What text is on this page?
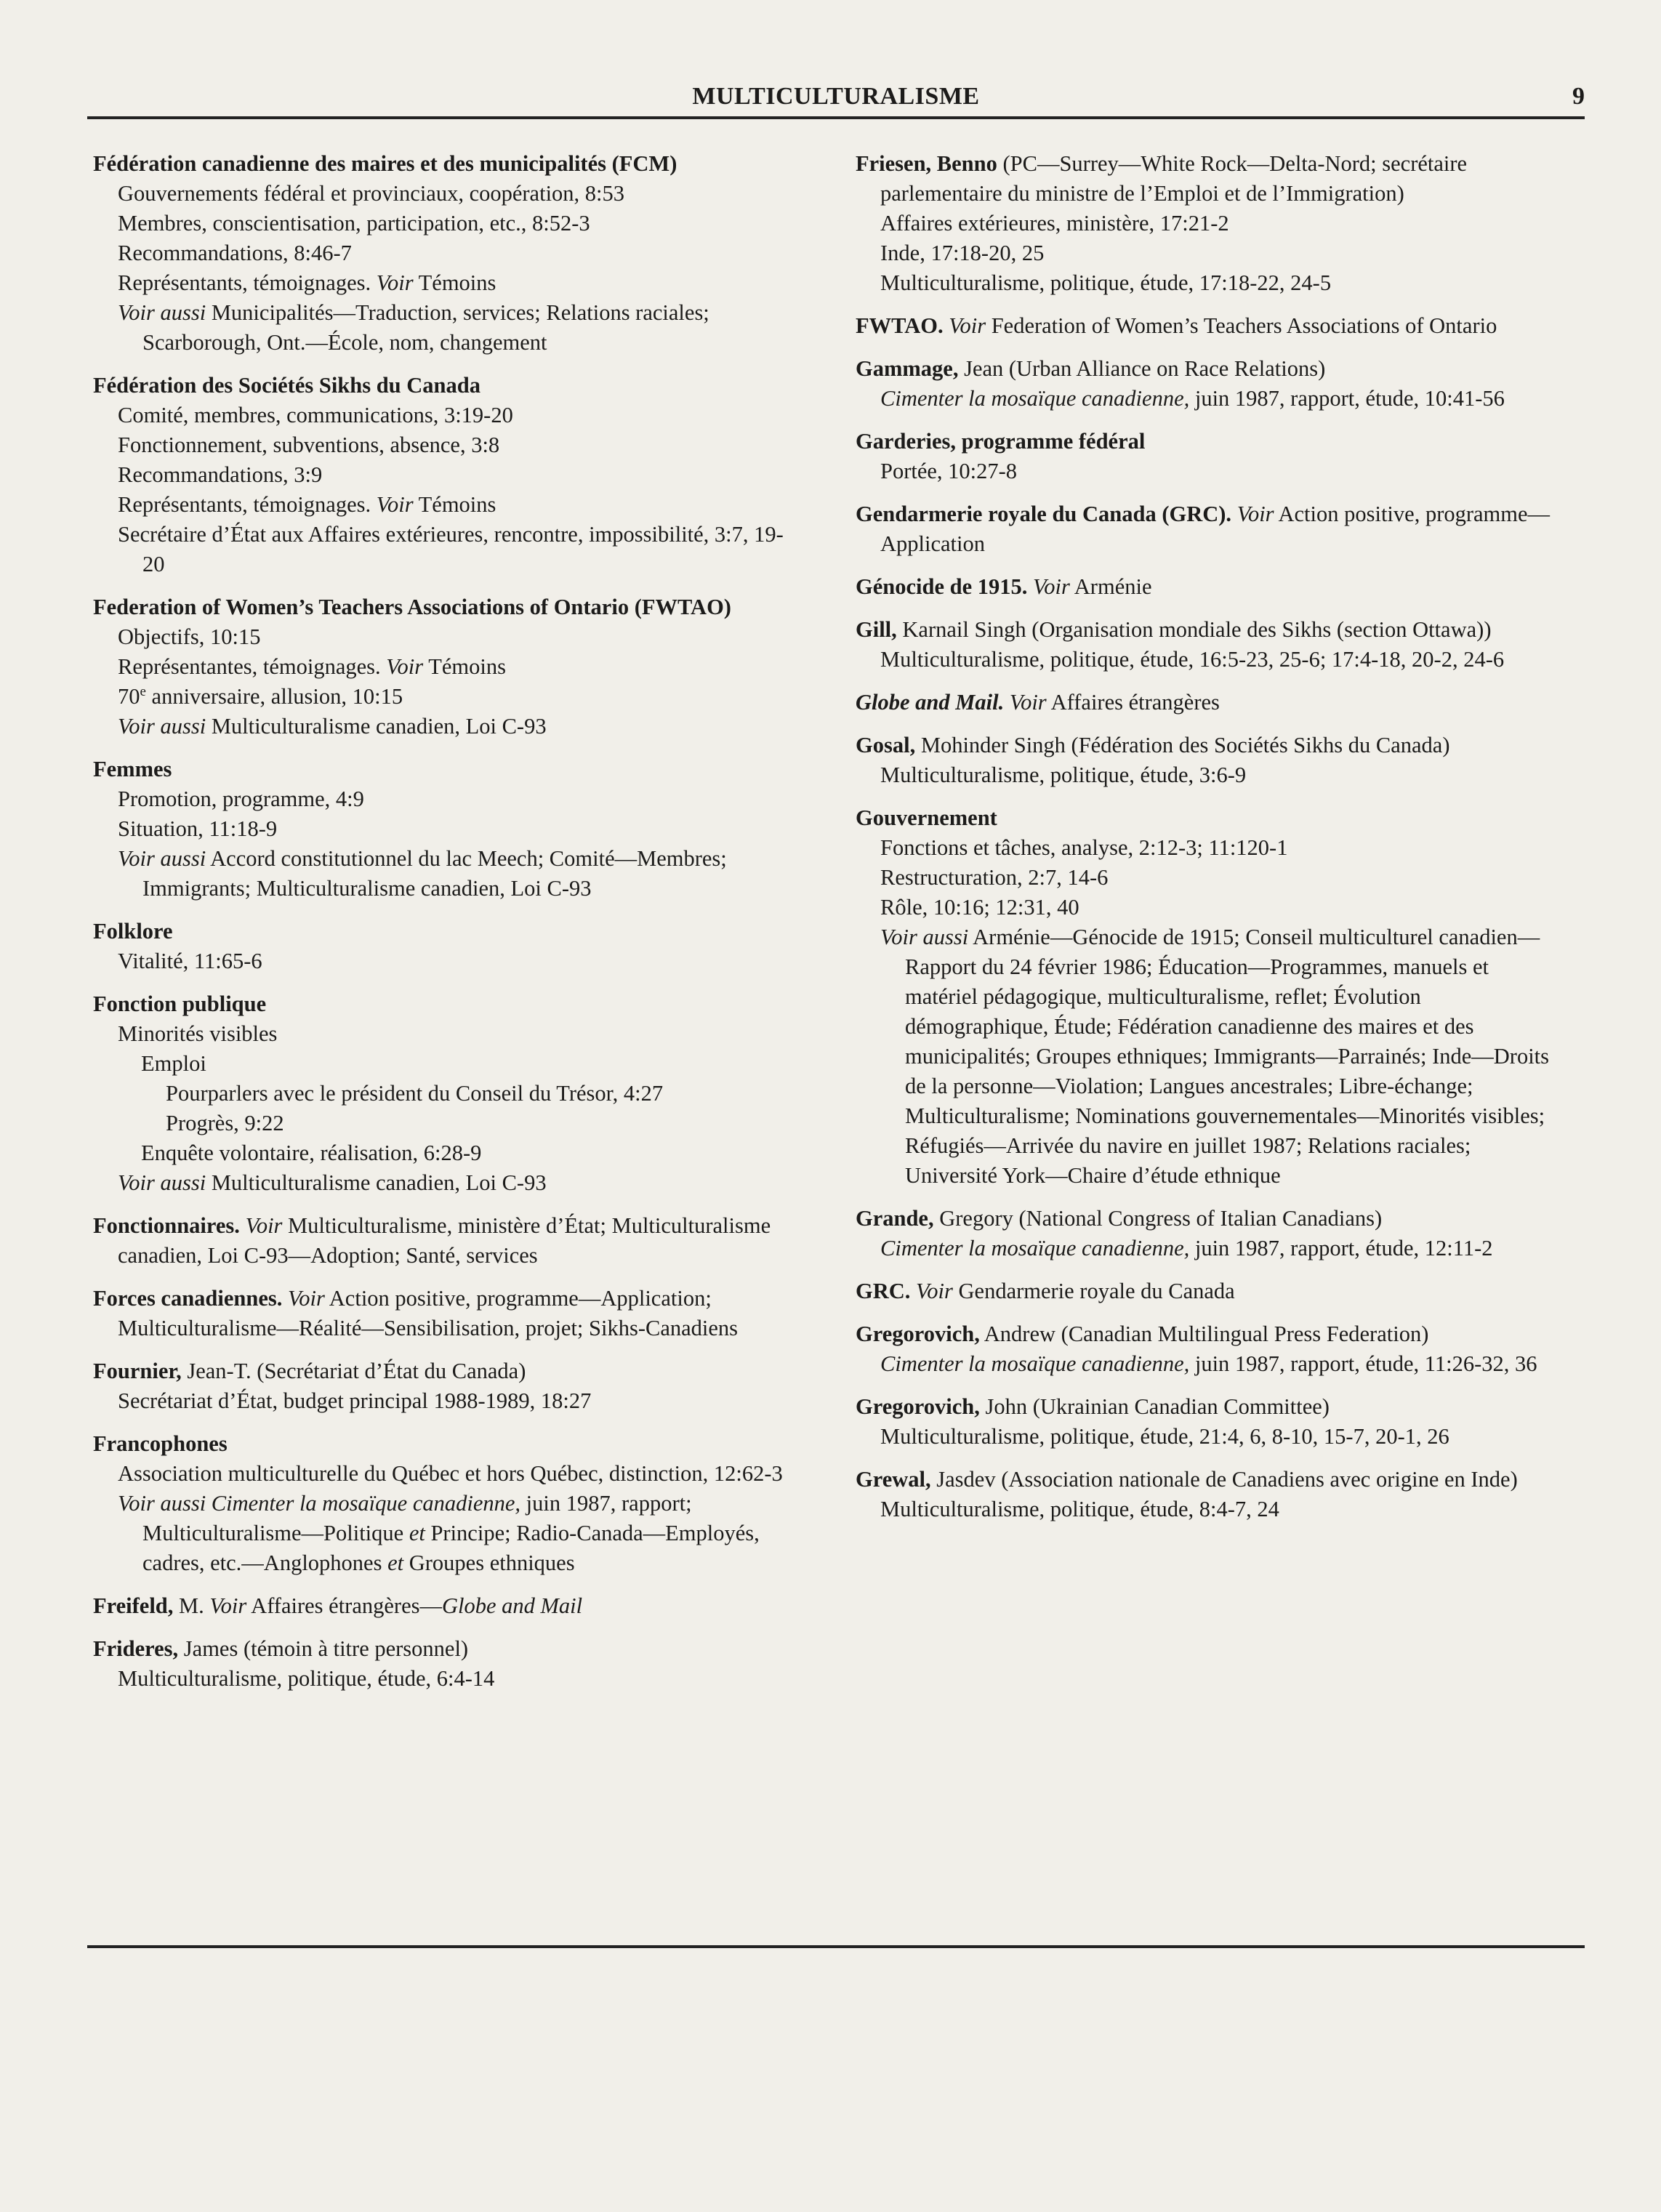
MULTICULTURALISME	9
Fédération canadienne des maires et des municipalités (FCM)
Gouvernements fédéral et provinciaux, coopération, 8:53
Membres, conscientisation, participation, etc., 8:52-3
Recommandations, 8:46-7
Représentants, témoignages. Voir Témoins
Voir aussi Municipalités—Traduction, services; Relations raciales; Scarborough, Ont.—École, nom, changement
Fédération des Sociétés Sikhs du Canada
Comité, membres, communications, 3:19-20
Fonctionnement, subventions, absence, 3:8
Recommandations, 3:9
Représentants, témoignages. Voir Témoins
Secrétaire d’État aux Affaires extérieures, rencontre, impossibilité, 3:7, 19-20
Federation of Women’s Teachers Associations of Ontario (FWTAO)
Objectifs, 10:15
Représentantes, témoignages. Voir Témoins
70e anniversaire, allusion, 10:15
Voir aussi Multiculturalisme canadien, Loi C-93
Femmes
Promotion, programme, 4:9
Situation, 11:18-9
Voir aussi Accord constitutionnel du lac Meech; Comité—Membres; Immigrants; Multiculturalisme canadien, Loi C-93
Folklore
Vitalité, 11:65-6
Fonction publique
Minorités visibles
Emploi
Pourparlers avec le président du Conseil du Trésor, 4:27
Progrès, 9:22
Enquête volontaire, réalisation, 6:28-9
Voir aussi Multiculturalisme canadien, Loi C-93
Fonctionnaires. Voir Multiculturalisme, ministère d’État; Multiculturalisme canadien, Loi C-93—Adoption; Santé, services
Forces canadiennes. Voir Action positive, programme—Application; Multiculturalisme—Réalité—Sensibilisation, projet; Sikhs-Canadiens
Fournier, Jean-T. (Secrétariat d’État du Canada)
Secrétariat d’État, budget principal 1988-1989, 18:27
Francophones
Association multiculturelle du Québec et hors Québec, distinction, 12:62-3
Voir aussi Cimenter la mosaïque canadienne, juin 1987, rapport; Multiculturalisme—Politique et Principe; Radio-Canada—Employés, cadres, etc.—Anglophones et Groupes ethniques
Freifeld, M. Voir Affaires étrangères—Globe and Mail
Frideres, James (témoin à titre personnel)
Multiculturalisme, politique, étude, 6:4-14
Friesen, Benno (PC—Surrey—White Rock—Delta-Nord; secrétaire parlementaire du ministre de l’Emploi et de l’Immigration)
Affaires extérieures, ministère, 17:21-2
Inde, 17:18-20, 25
Multiculturalisme, politique, étude, 17:18-22, 24-5
FWTAO. Voir Federation of Women’s Teachers Associations of Ontario
Gammage, Jean (Urban Alliance on Race Relations)
Cimenter la mosaïque canadienne, juin 1987, rapport, étude, 10:41-56
Garderies, programme fédéral
Portée, 10:27-8
Gendarmerie royale du Canada (GRC). Voir Action positive, programme—Application
Génocide de 1915. Voir Arménie
Gill, Karnail Singh (Organisation mondiale des Sikhs (section Ottawa))
Multiculturalisme, politique, étude, 16:5-23, 25-6; 17:4-18, 20-2, 24-6
Globe and Mail. Voir Affaires étrangères
Gosal, Mohinder Singh (Fédération des Sociétés Sikhs du Canada)
Multiculturalisme, politique, étude, 3:6-9
Gouvernement
Fonctions et tâches, analyse, 2:12-3; 11:120-1
Restructuration, 2:7, 14-6
Rôle, 10:16; 12:31, 40
Voir aussi Arménie—Génocide de 1915; Conseil multiculturel canadien—Rapport du 24 février 1986; Éducation—Programmes, manuels et matériel pédagogique, multiculturalisme, reflet; Évolution démographique, Étude; Fédération canadienne des maires et des municipalités; Groupes ethniques; Immigrants—Parrainés; Inde—Droits de la personne—Violation; Langues ancestrales; Libre-échange; Multiculturalisme; Nominations gouvernementales—Minorités visibles; Réfugiés—Arrivée du navire en juillet 1987; Relations raciales; Université York—Chaire d’étude ethnique
Grande, Gregory (National Congress of Italian Canadians)
Cimenter la mosaïque canadienne, juin 1987, rapport, étude, 12:11-2
GRC. Voir Gendarmerie royale du Canada
Gregorovich, Andrew (Canadian Multilingual Press Federation)
Cimenter la mosaïque canadienne, juin 1987, rapport, étude, 11:26-32, 36
Gregorovich, John (Ukrainian Canadian Committee)
Multiculturalisme, politique, étude, 21:4, 6, 8-10, 15-7, 20-1, 26
Grewal, Jasdev (Association nationale de Canadiens avec origine en Inde)
Multiculturalisme, politique, étude, 8:4-7, 24
